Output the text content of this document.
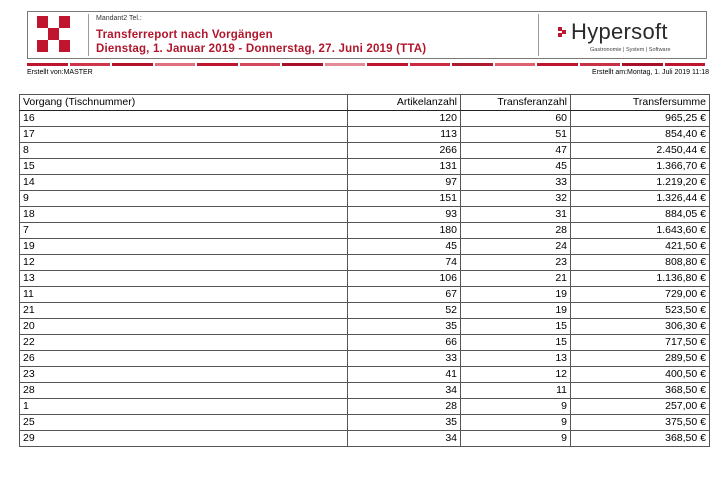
Mandant2 Tel.:
Transferreport nach Vorgängen
Dienstag, 1. Januar 2019 - Donnerstag, 27. Juni 2019 (TTA)
Hypersoft
Gastronomie | System | Software
Erstellt von:MASTER	Erstellt am:Montag, 1. Juli 2019 11:18
Vorgang (Tischnummer)	Artikelanzahl	Transferanzahl	Transfersumme
16	120	60	965,25 €
17	113	51	854,40 €
8	266	47	2.450,44 €
15	131	45	1.366,70 €
14	97	33	1.219,20 €
9	151	32	1.326,44 €
18	93	31	884,05 €
7	180	28	1.643,60 €
19	45	24	421,50 €
12	74	23	808,80 €
13	106	21	1.136,80 €
11	67	19	729,00 €
21	52	19	523,50 €
20	35	15	306,30 €
22	66	15	717,50 €
26	33	13	289,50 €
23	41	12	400,50 €
28	34	11	368,50 €
1	28	9	257,00 €
25	35	9	375,50 €
29	34	9	368,50 €
